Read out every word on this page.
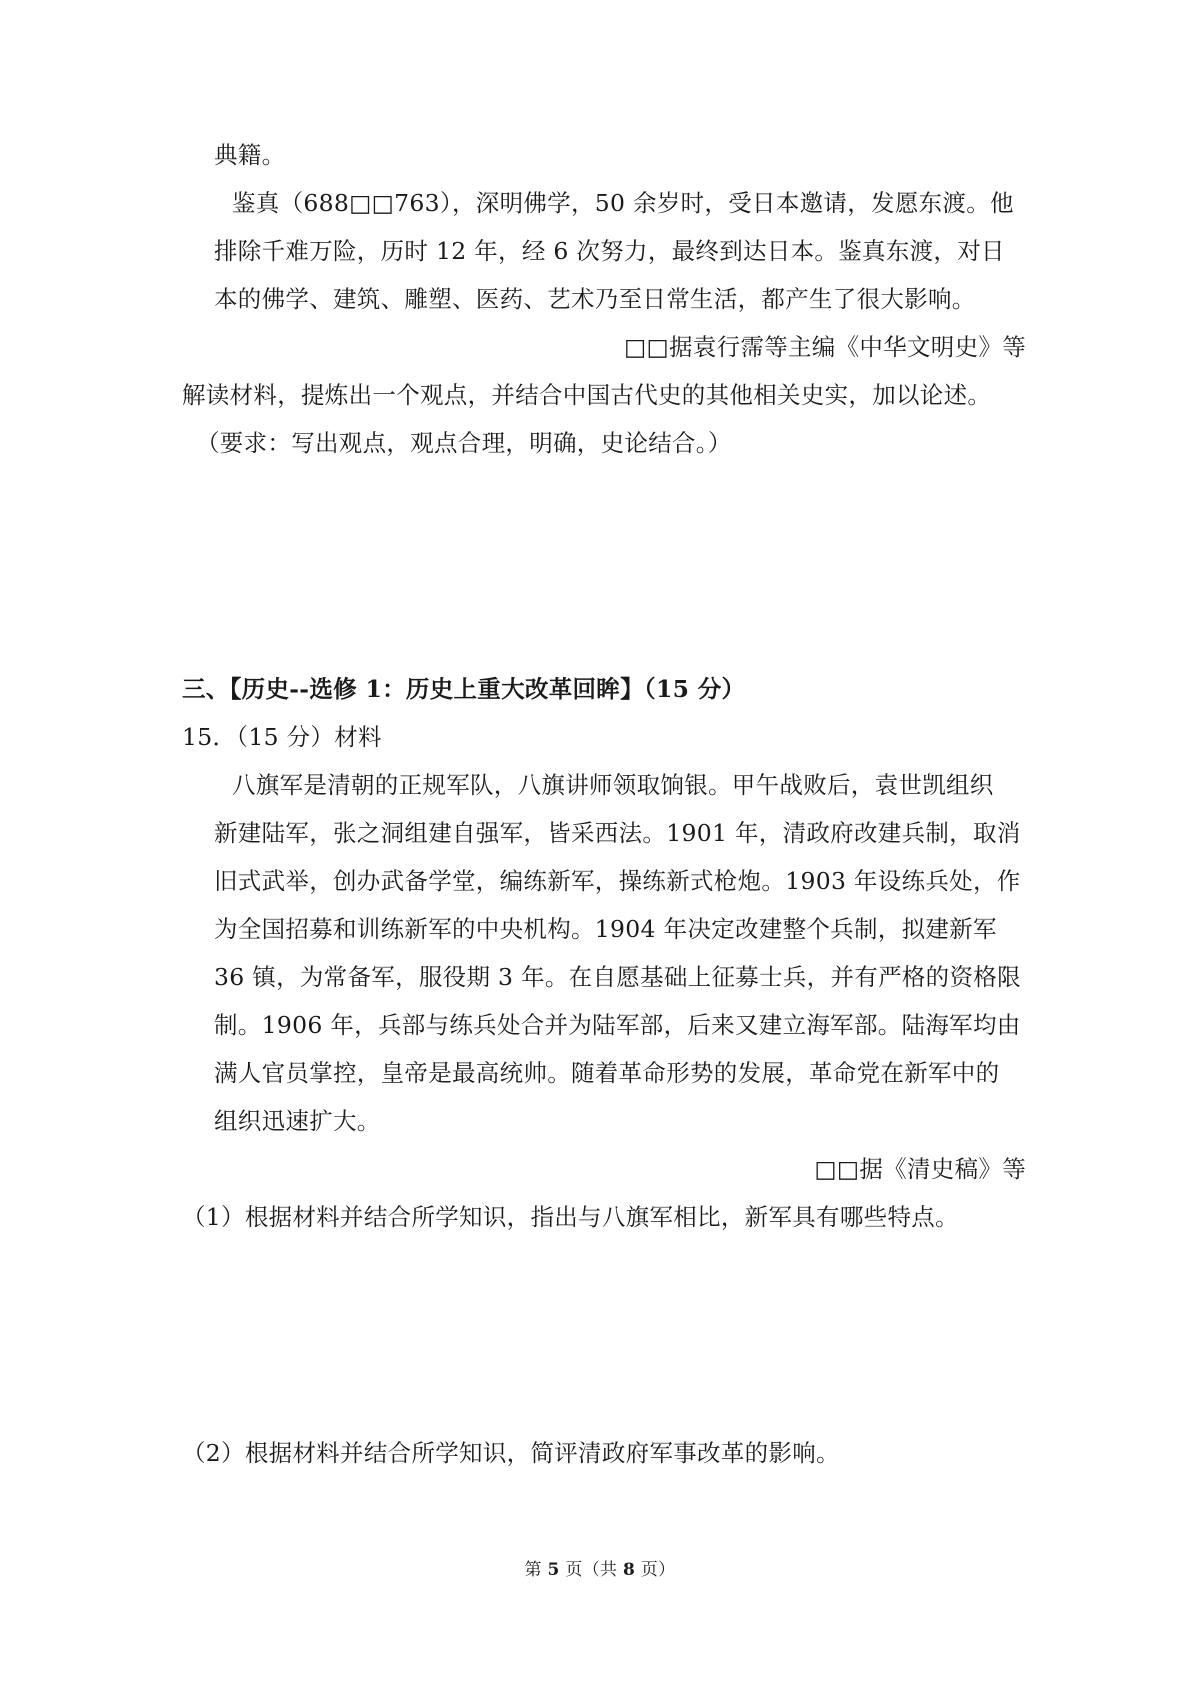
典籍。
鉴真（688□□763），深明佛学，50 余岁时，受日本邀请，发愿东渡。他
排除千难万险，历时 12 年，经 6 次努力，最终到达日本。鉴真东渡，对日
本的佛学、建筑、雕塑、医药、艺术乃至日常生活，都产生了很大影响。
□□据袁行霈等主编《中华文明史》等
解读材料，提炼出一个观点，并结合中国古代史的其他相关史实，加以论述。
（要求：写出观点，观点合理，明确，史论结合。）
三、【历史--选修 1：历史上重大改革回眸】（15 分）
15．（15 分）材料
八旗军是清朝的正规军队，八旗讲师领取饷银。甲午战败后，袁世凯组织
新建陆军，张之洞组建自强军，皆采西法。1901 年，清政府改建兵制，取消
旧式武举，创办武备学堂，编练新军，操练新式枪炮。1903 年设练兵处，作
为全国招募和训练新军的中央机构。1904 年决定改建整个兵制，拟建新军
36 镇，为常备军，服役期 3 年。在自愿基础上征募士兵，并有严格的资格限
制。1906 年，兵部与练兵处合并为陆军部，后来又建立海军部。陆海军均由
满人官员掌控，皇帝是最高统帅。随着革命形势的发展，革命党在新军中的
组织迅速扩大。
□□据《清史稿》等
（1）根据材料并结合所学知识，指出与八旗军相比，新军具有哪些特点。
（2）根据材料并结合所学知识，简评清政府军事改革的影响。
第 5 页（共 8 页）
